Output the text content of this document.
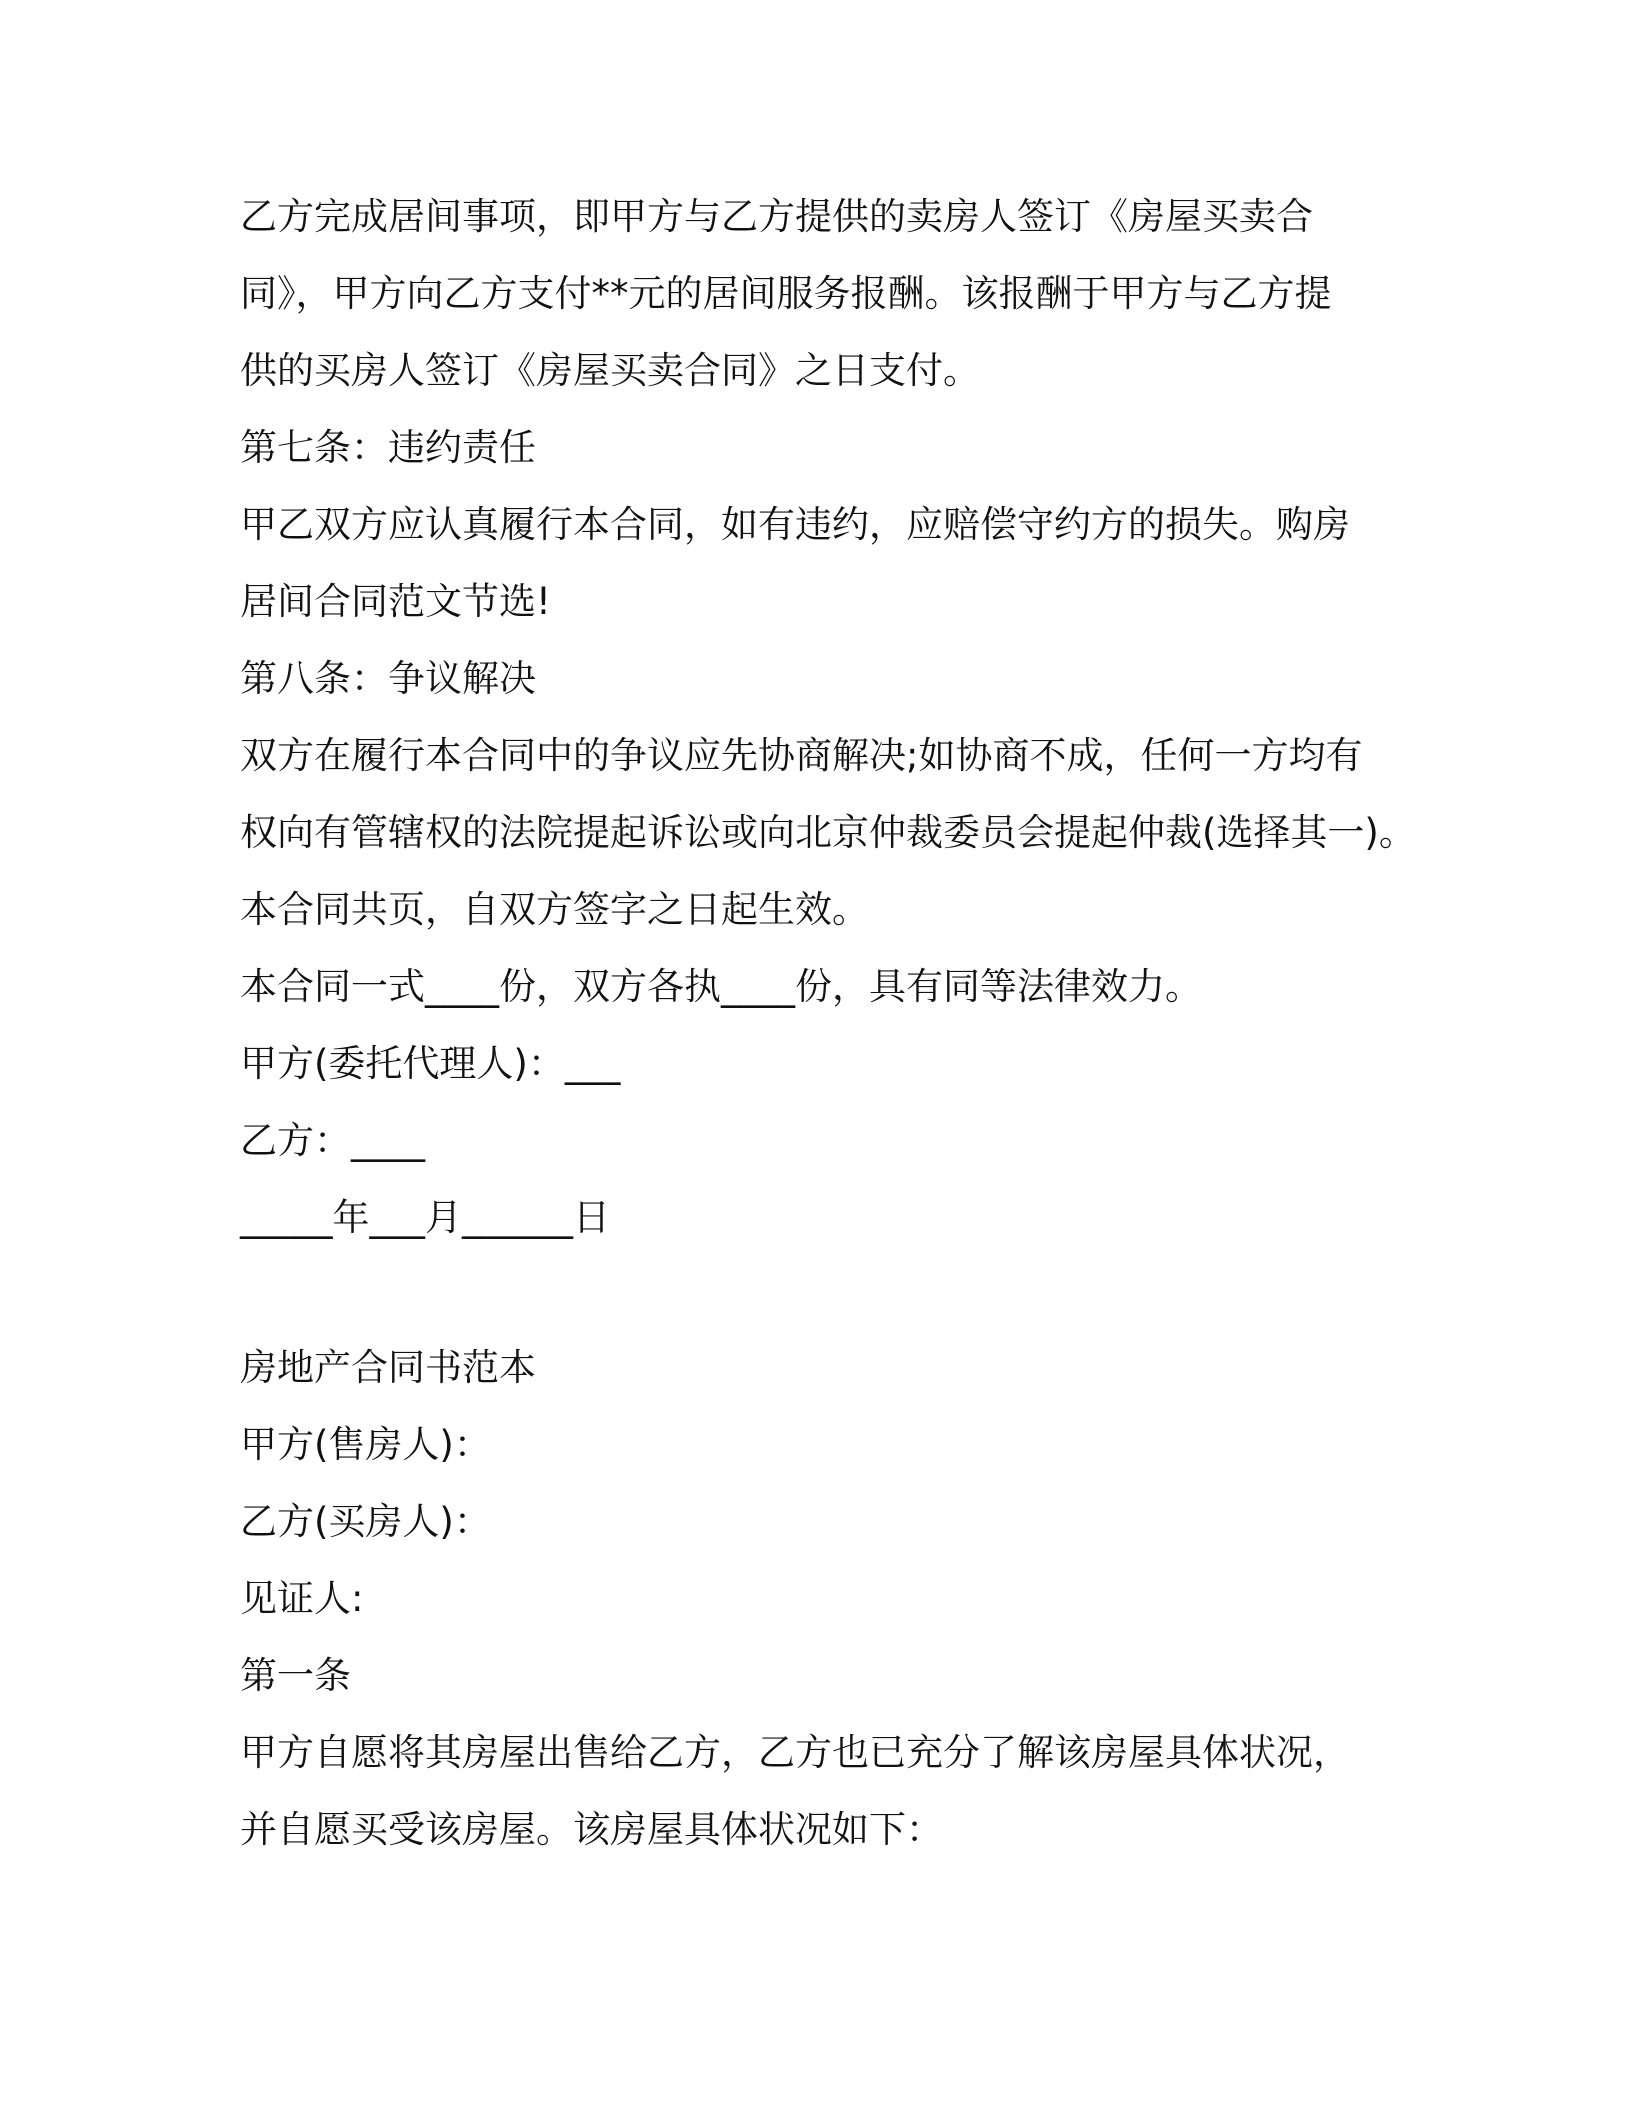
乙方完成居间事项，即甲方与乙方提供的卖房人签订《房屋买卖合
同》，甲方向乙方支付**元的居间服务报酬。该报酬于甲方与乙方提
供的买房人签订《房屋买卖合同》之日支付。
第七条：违约责任
甲乙双方应认真履行本合同，如有违约，应赔偿守约方的损失。购房
居间合同范文节选!
第八条：争议解决
双方在履行本合同中的争议应先协商解决;如协商不成，任何一方均有
权向有管辖权的法院提起诉讼或向北京仲裁委员会提起仲裁(选择其一)。
本合同共页，自双方签字之日起生效。
本合同一式____份，双方各执____份，具有同等法律效力。
甲方(委托代理人)：___
乙方：____
_____年___月______日
房地产合同书范本
甲方(售房人)：
乙方(买房人)：
见证人:
第一条
甲方自愿将其房屋出售给乙方，乙方也已充分了解该房屋具体状况，
并自愿买受该房屋。该房屋具体状况如下：
